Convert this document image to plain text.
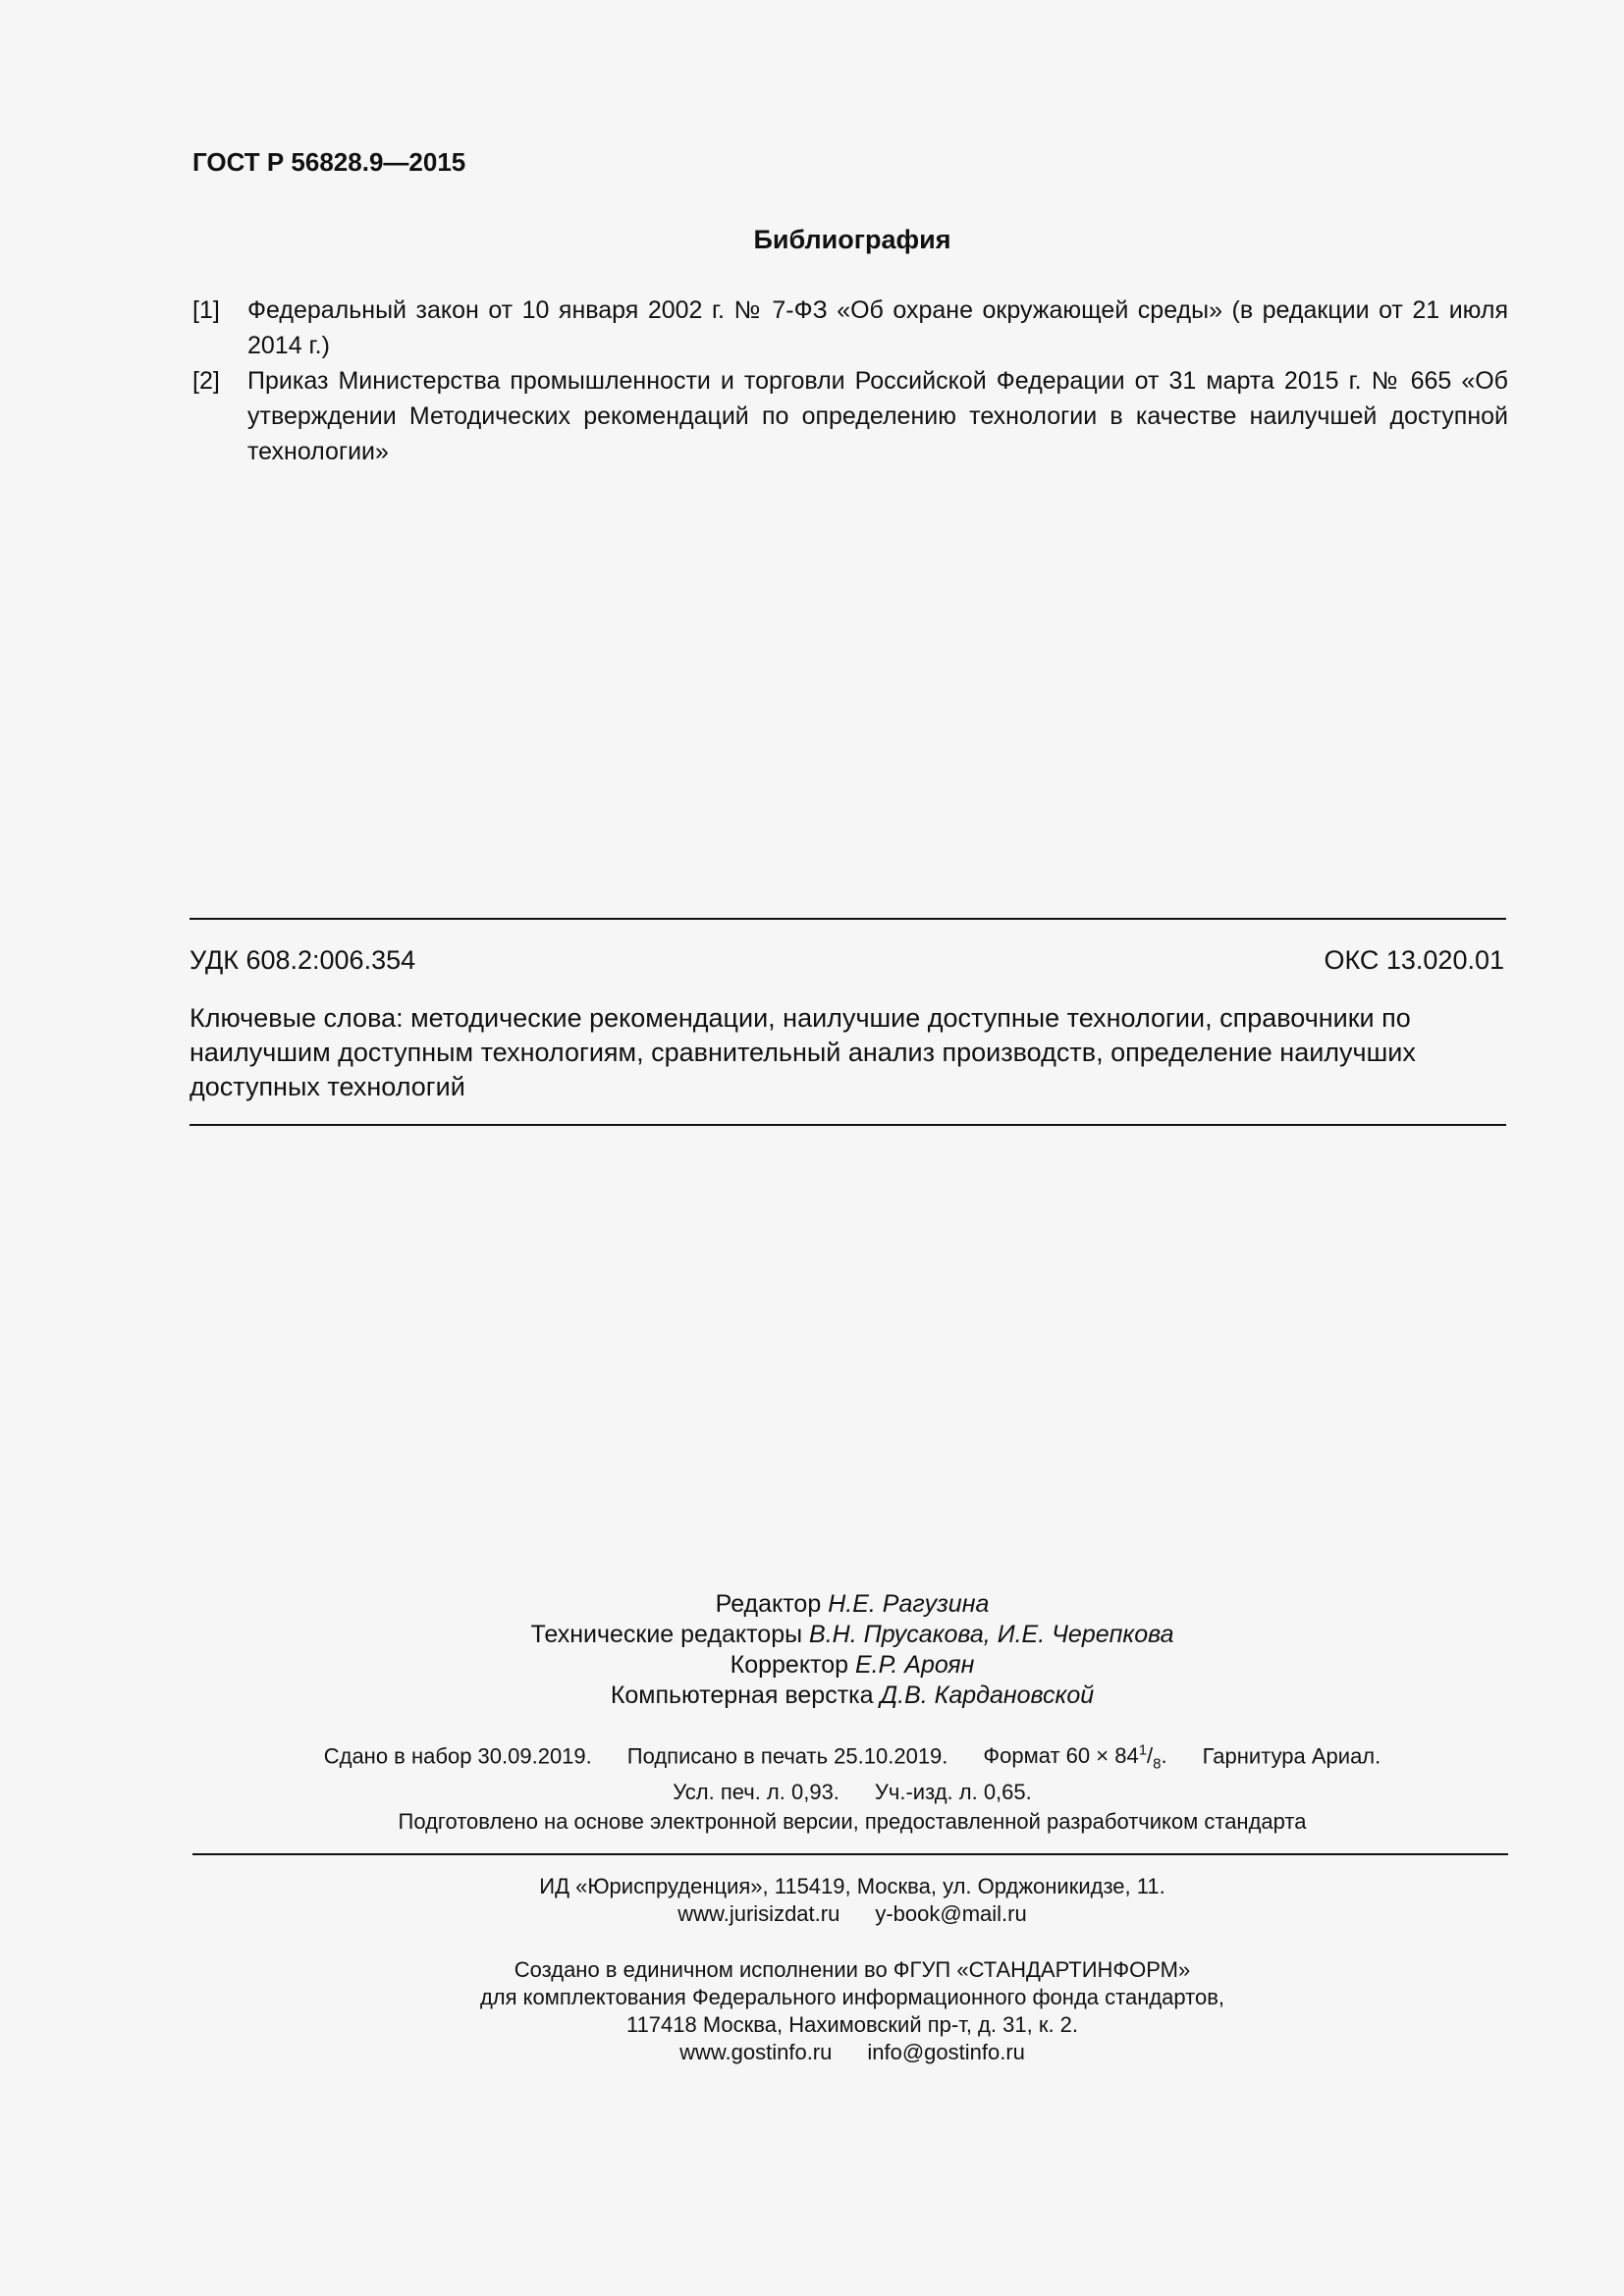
ГОСТ Р 56828.9—2015
Библиография
[1]	Федеральный закон от 10 января 2002 г. № 7-ФЗ «Об охране окружающей среды» (в редакции от 21 июля 2014 г.)
[2]	Приказ Министерства промышленности и торговли Российской Федерации от 31 марта 2015 г. № 665 «Об утверждении Методических рекомендаций по определению технологии в качестве наилучшей доступной технологии»
УДК 608.2:006.354	ОКС 13.020.01
Ключевые слова: методические рекомендации, наилучшие доступные технологии, справочники по наилучшим доступным технологиям, сравнительный анализ производств, определение наилучших доступных технологий
Редактор Н.Е. Рагузина
Технические редакторы В.Н. Прусакова, И.Е. Черепкова
Корректор Е.Р. Ароян
Компьютерная верстка Д.В. Кардановской
Сдано в набор 30.09.2019. Подписано в печать 25.10.2019. Формат $60 \times 84^1/_8$. Гарнитура Ариал.
Усл. печ. л. 0,93. Уч.-изд. л. 0,65.
Подготовлено на основе электронной версии, предоставленной разработчиком стандарта
ИД «Юриспруденция», 115419, Москва, ул. Орджоникидзе, 11.
www.jurisizdat.ru y-book@mail.ru
Создано в единичном исполнении во ФГУП «СТАНДАРТИНФОРМ»
для комплектования Федерального информационного фонда стандартов,
117418 Москва, Нахимовский пр-т, д. 31, к. 2.
www.gostinfo.ru info@gostinfo.ru
